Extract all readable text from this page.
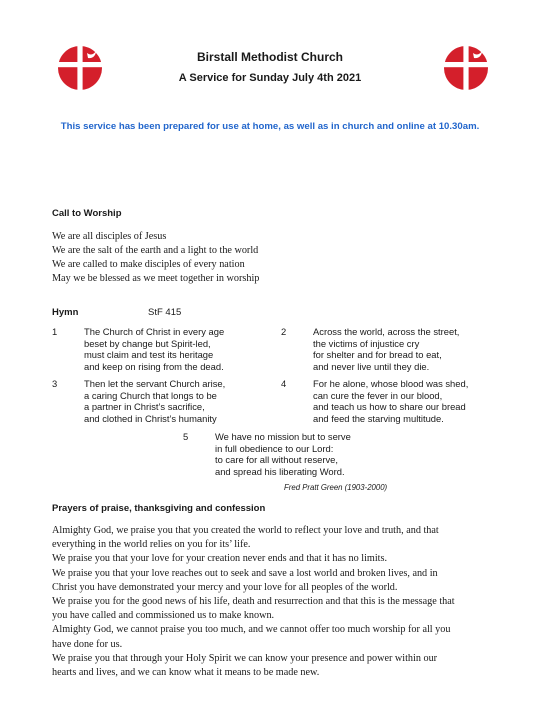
Birstall Methodist Church
A Service for Sunday July 4th 2021
This service has been prepared for use at home, as well as in church and online at 10.30am.
Call to Worship
We are all disciples of Jesus
We are the salt of the earth and a light to the world
We are called to make disciples of every nation
May we be blessed as we meet together in worship
Hymn	StF 415
1	The Church of Christ in every age
beset by change but Spirit-led,
must claim and test its heritage
and keep on rising from the dead.
2	Across the world, across the street,
the victims of injustice cry
for shelter and for bread to eat,
and never live until they die.
3	Then let the servant Church arise,
a caring Church that longs to be
a partner in Christ’s sacrifice,
and clothed in Christ’s humanity
4	For he alone, whose blood was shed,
can cure the fever in our blood,
and teach us how to share our bread
and feed the starving multitude.
5	We have no mission but to serve
in full obedience to our Lord:
to care for all without reserve,
and spread his liberating Word.
Fred Pratt Green (1903-2000)
Prayers of praise, thanksgiving and confession
Almighty God, we praise you that you created the world to reflect your love and truth, and that
everything in the world relies on you for its’ life.
We praise you that your love for your creation never ends and that it has no limits.
We praise you that your love reaches out to seek and save a lost world and broken lives, and in
Christ you have demonstrated your mercy and your love for all peoples of the world.
We praise you for the good news of his life, death and resurrection and that this is the message that
you have called and commissioned us to make known.
Almighty God, we cannot praise you too much, and we cannot offer too much worship for all you
have done for us.
We praise you that through your Holy Spirit we can know your presence and power within our
hearts and lives, and we can know what it means to be made new.
